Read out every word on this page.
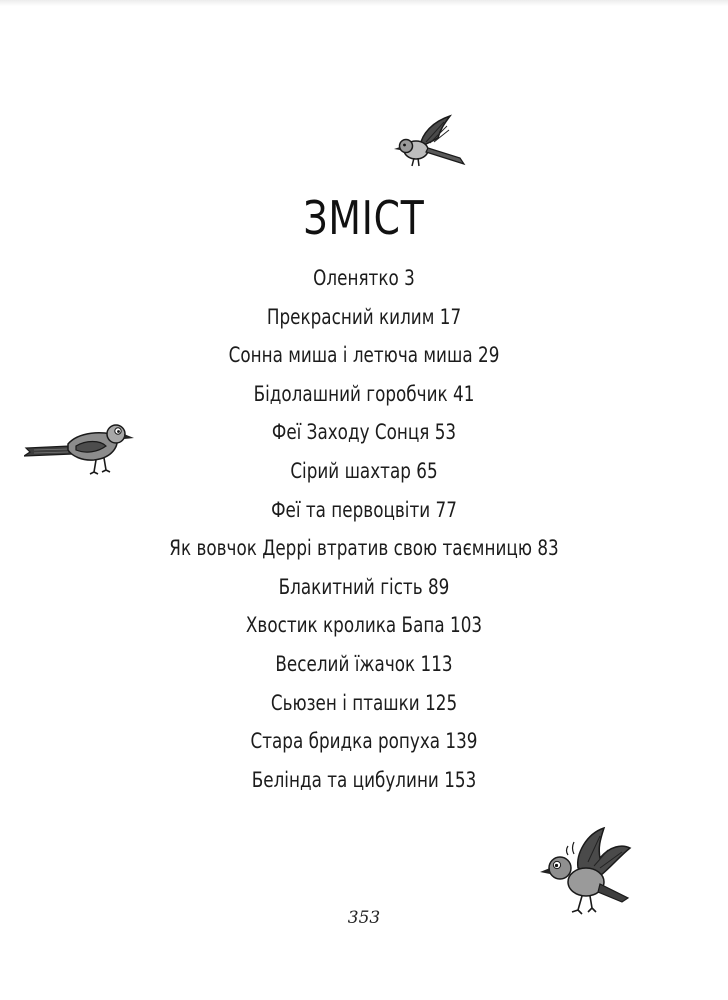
ЗМІСТ
Оленятко 3
Прекрасний килим 17
Сонна миша і летюча миша 29
Бідолашний горобчик 41
Феї Заходу Сонця 53
Сірий шахтар 65
Феї та первоцвіти 77
Як вовчок Деррі втратив свою таємницю 83
Блакитний гість 89
Хвостик кролика Бапа 103
Веселий їжачок 113
Сьюзен і пташки 125
Стара бридка ропуха 139
Белінда та цибулини 153
353
